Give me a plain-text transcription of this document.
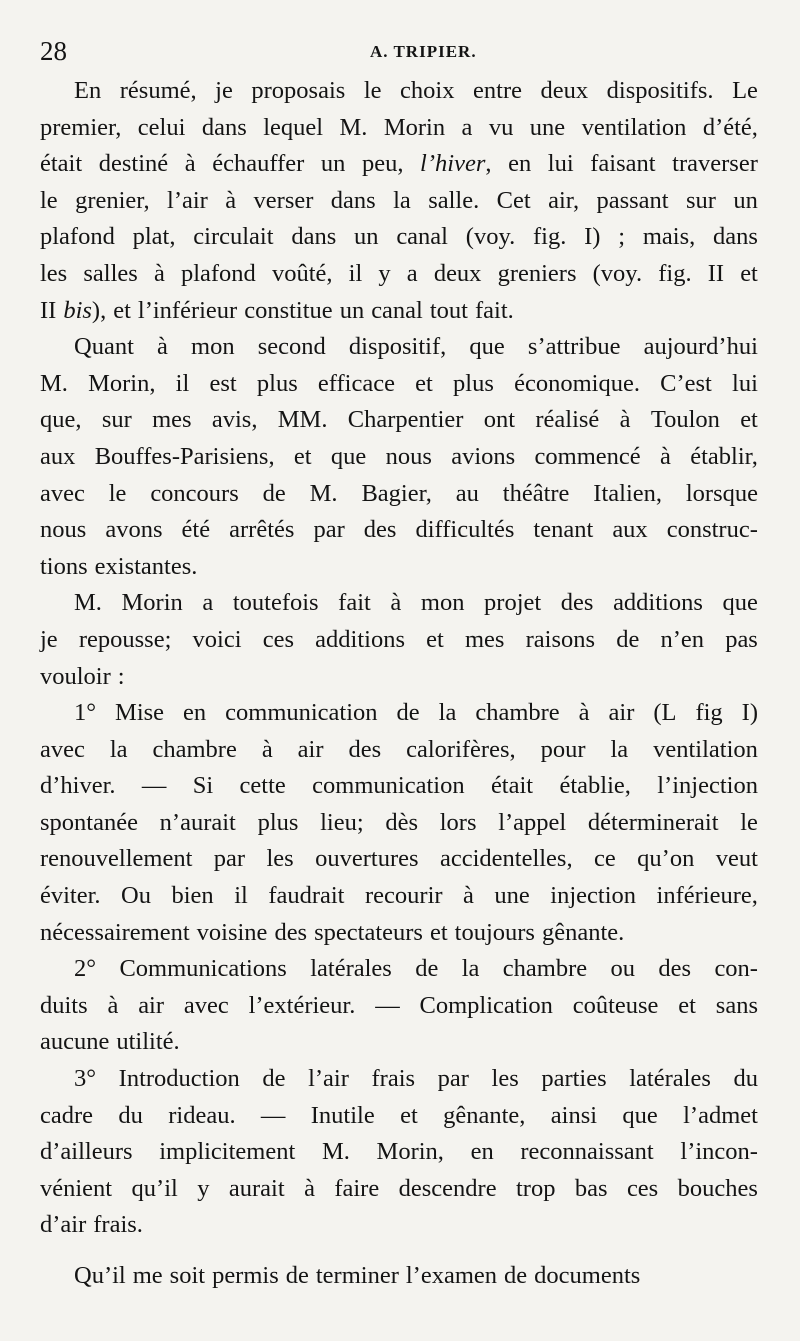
28	A. TRIPIER.
En résumé, je proposais le choix entre deux dispositifs. Le
premier, celui dans lequel M. Morin a vu une ventilation d’été,
était destiné à échauffer un peu, l’hiver, en lui faisant traverser
le grenier, l’air à verser dans la salle. Cet air, passant sur un
plafond plat, circulait dans un canal (voy. fig. I) ; mais, dans
les salles à plafond voûté, il y a deux greniers (voy. fig. II et
II bis), et l’inférieur constitue un canal tout fait.
Quant à mon second dispositif, que s’attribue aujourd’hui
M. Morin, il est plus efficace et plus économique. C’est lui
que, sur mes avis, MM. Charpentier ont réalisé à Toulon et
aux Bouffes-Parisiens, et que nous avions commencé à établir,
avec le concours de M. Bagier, au théâtre Italien, lorsque
nous avons été arrêtés par des difficultés tenant aux construc-
tions existantes.
M. Morin a toutefois fait à mon projet des additions que
je repousse; voici ces additions et mes raisons de n’en pas
vouloir :
1° Mise en communication de la chambre à air (L fig I)
avec la chambre à air des calorifères, pour la ventilation
d’hiver. — Si cette communication était établie, l’injection
spontanée n’aurait plus lieu; dès lors l’appel déterminerait le
renouvellement par les ouvertures accidentelles, ce qu’on veut
éviter. Ou bien il faudrait recourir à une injection inférieure,
nécessairement voisine des spectateurs et toujours gênante.
2° Communications latérales de la chambre ou des con-
duits à air avec l’extérieur. — Complication coûteuse et sans
aucune utilité.
3° Introduction de l’air frais par les parties latérales du
cadre du rideau. — Inutile et gênante, ainsi que l’admet
d’ailleurs implicitement M. Morin, en reconnaissant l’incon-
vénient qu’il y aurait à faire descendre trop bas ces bouches
d’air frais.
Qu’il me soit permis de terminer l’examen de documents
